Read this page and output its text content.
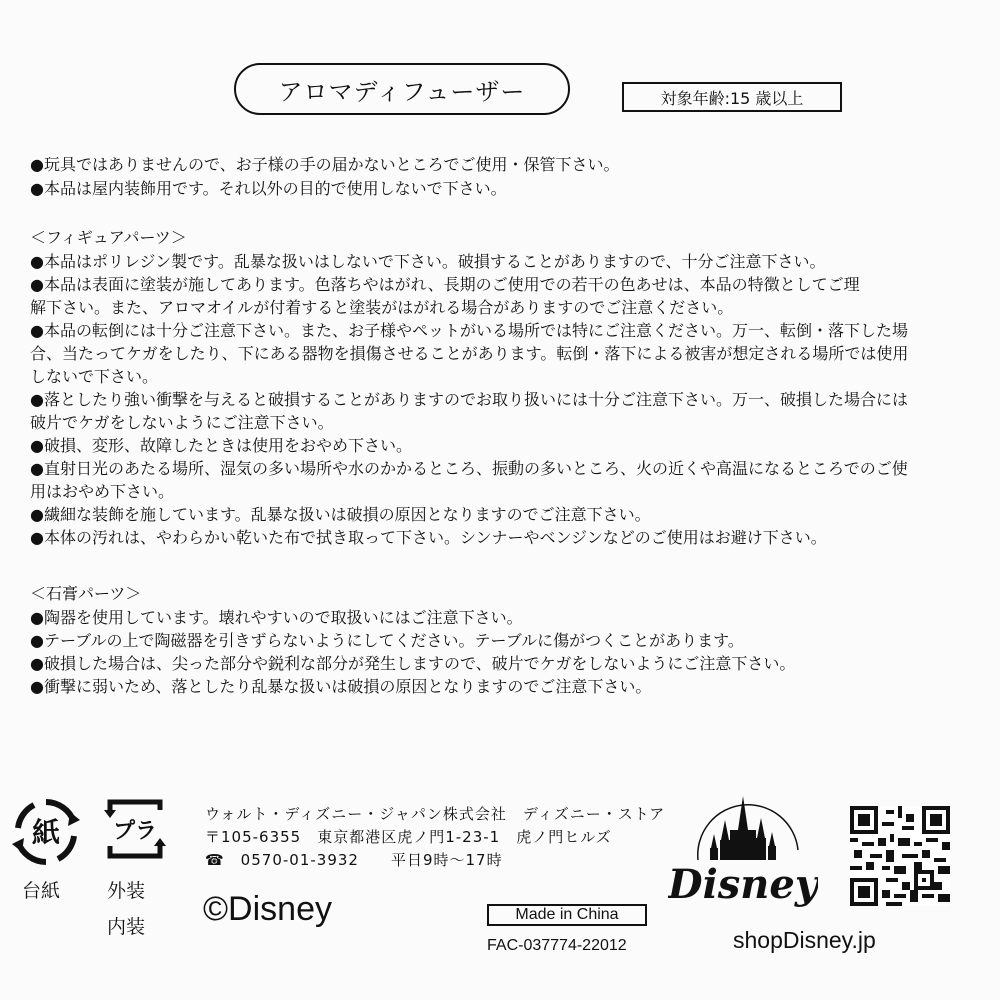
アロマディフューザー	対象年齢:15 歳以上
●玩具ではありませんので、お子様の手の届かないところでご使用・保管下さい。
●本品は屋内装飾用です。それ以外の目的で使用しないで下さい。
＜フィギュアパーツ＞
●本品はポリレジン製です。乱暴な扱いはしないで下さい。破損することがありますので、十分ご注意下さい。
●本品は表面に塗装が施してあります。色落ちやはがれ、長期のご使用での若干の色あせは、本品の特徴としてご理
解下さい。また、アロマオイルが付着すると塗装がはがれる場合がありますのでご注意ください。
●本品の転倒には十分ご注意下さい。また、お子様やペットがいる場所では特にご注意ください。万一、転倒・落下した場
合、当たってケガをしたり、下にある器物を損傷させることがあります。転倒・落下による被害が想定される場所では使用
しないで下さい。
●落としたり強い衝撃を与えると破損することがありますのでお取り扱いには十分ご注意下さい。万一、破損した場合には
破片でケガをしないようにご注意下さい。
●破損、変形、故障したときは使用をおやめ下さい。
●直射日光のあたる場所、湿気の多い場所や水のかかるところ、振動の多いところ、火の近くや高温になるところでのご使
用はおやめ下さい。
●繊細な装飾を施しています。乱暴な扱いは破損の原因となりますのでご注意下さい。
●本体の汚れは、やわらかい乾いた布で拭き取って下さい。シンナーやベンジンなどのご使用はお避け下さい。
＜石膏パーツ＞
●陶器を使用しています。壊れやすいので取扱いにはご注意下さい。
●テーブルの上で陶磁器を引きずらないようにしてください。テーブルに傷がつくことがあります。
●破損した場合は、尖った部分や鋭利な部分が発生しますので、破片でケガをしないようにご注意下さい。
●衝撃に弱いため、落としたり乱暴な扱いは破損の原因となりますのでご注意下さい。
紙
台紙
プラ
外装
内装
ウォルト・ディズニー・ジャパン株式会社　ディズニー・ストア
〒105-6355　東京都港区虎ノ門1-23-1　虎ノ門ヒルズ
☎　0570-01-3932　　平日9時～17時
©Disney	Made in China
FAC-037774-22012
Disney
shopDisney.jp
